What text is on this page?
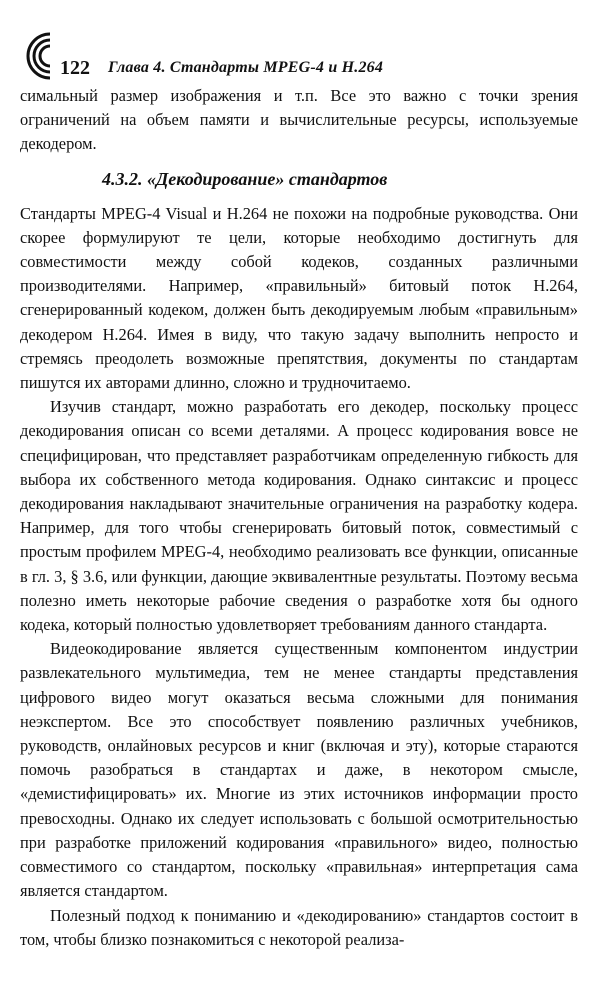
122 Глава 4. Стандарты MPEG-4 и H.264

симальный размер изображения и т.п. Все это важно с точки зрения ограничений на объем памяти и вычислительные ресурсы, используемые декодером.

4.3.2. «Декодирование» стандартов

Стандарты MPEG-4 Visual и H.264 не похожи на подробные руководства. Они скорее формулируют те цели, которые необходимо достигнуть для совместимости между собой кодеков, созданных различными производителями. Например, «правильный» битовый поток H.264, сгенерированный кодеком, должен быть декодируемым любым «правильным» декодером H.264. Имея в виду, что такую задачу выполнить непросто и стремясь преодолеть возможные препятствия, документы по стандартам пишутся их авторами длинно, сложно и трудночитаемо.

Изучив стандарт, можно разработать его декодер, поскольку процесс декодирования описан со всеми деталями. А процесс кодирования вовсе не специфицирован, что представляет разработчикам определенную гибкость для выбора их собственного метода кодирования. Однако синтаксис и процесс декодирования накладывают значительные ограничения на разработку кодера. Например, для того чтобы сгенерировать битовый поток, совместимый с простым профилем MPEG-4, необходимо реализовать все функции, описанные в гл. 3, § 3.6, или функции, дающие эквивалентные результаты. Поэтому весьма полезно иметь некоторые рабочие сведения о разработке хотя бы одного кодека, который полностью удовлетворяет требованиям данного стандарта.

Видеокодирование является существенным компонентом индустрии развлекательного мультимедиа, тем не менее стандарты представления цифрового видео могут оказаться весьма сложными для понимания неэкспертом. Все это способствует появлению различных учебников, руководств, онлайновых ресурсов и книг (включая и эту), которые стараются помочь разобраться в стандартах и даже, в некотором смысле, «демистифицировать» их. Многие из этих источников информации просто превосходны. Однако их следует использовать с большой осмотрительностью при разработке приложений кодирования «правильного» видео, полностью совместимого со стандартом, поскольку «правильная» интерпретация сама является стандартом.

Полезный подход к пониманию и «декодированию» стандартов состоит в том, чтобы близко познакомиться с некоторой реализа-
